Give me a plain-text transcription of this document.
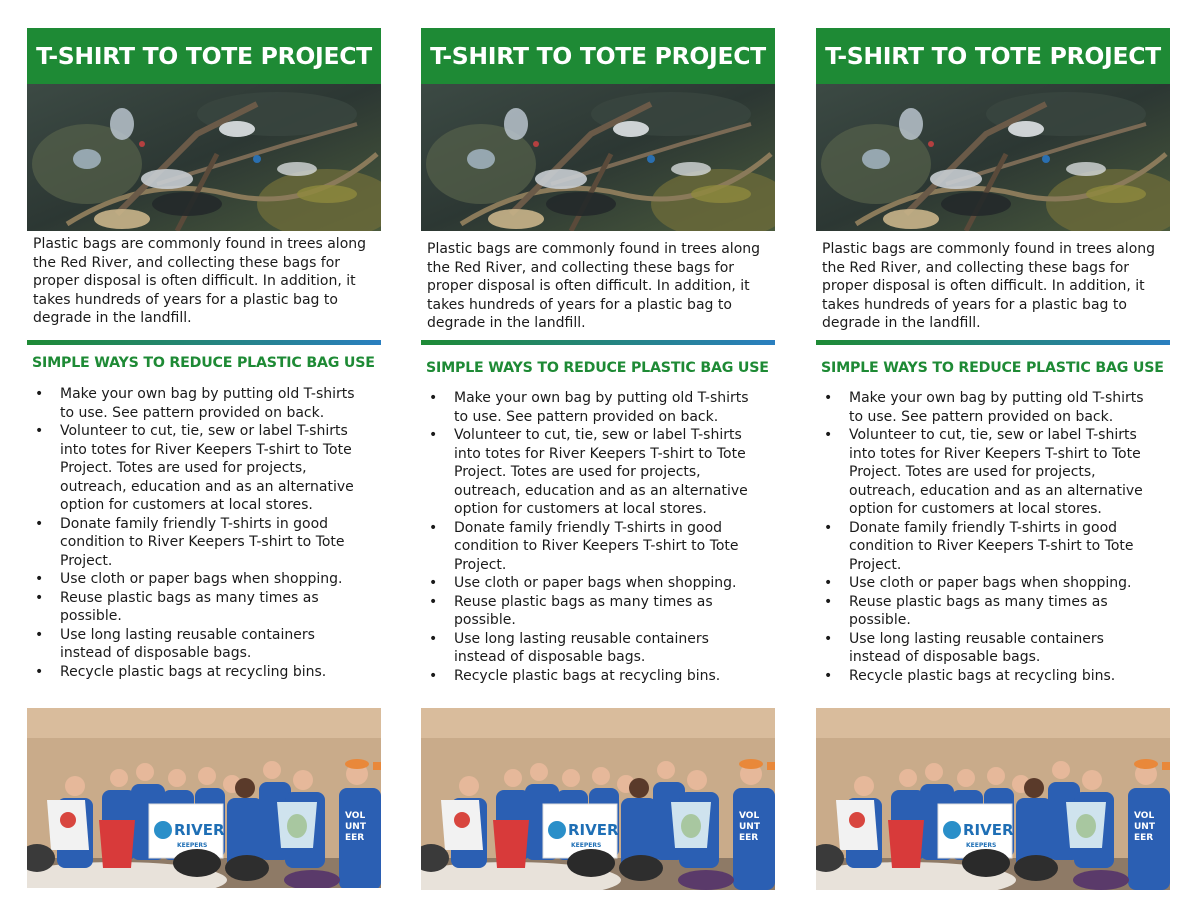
T-SHIRT TO TOTE PROJECT
Plastic bags are commonly found in trees along
the Red River, and collecting these bags for
proper disposal is often difficult. In addition, it
takes hundreds of years for a plastic bag to
degrade in the landfill.
SIMPLE WAYS TO REDUCE PLASTIC BAG USE
• Make your own bag by putting old T-shirts
to use. See pattern provided on back.
• Volunteer to cut, tie, sew or label T-shirts
into totes for River Keepers T-shirt to Tote
Project. Totes are used for projects,
outreach, education and as an alternative
option for customers at local stores.
• Donate family friendly T-shirts in good
condition to River Keepers T-shirt to Tote
Project.
• Use cloth or paper bags when shopping.
• Reuse plastic bags as many times as
possible.
• Use long lasting reusable containers
instead of disposable bags.
• Recycle plastic bags at recycling bins.
RIVER
KEEPERS
VOL
UNT
EER
T-SHIRT TO TOTE PROJECT
Plastic bags are commonly found in trees along
the Red River, and collecting these bags for
proper disposal is often difficult. In addition, it
takes hundreds of years for a plastic bag to
degrade in the landfill.
SIMPLE WAYS TO REDUCE PLASTIC BAG USE
• Make your own bag by putting old T-shirts
to use. See pattern provided on back.
• Volunteer to cut, tie, sew or label T-shirts
into totes for River Keepers T-shirt to Tote
Project. Totes are used for projects,
outreach, education and as an alternative
option for customers at local stores.
• Donate family friendly T-shirts in good
condition to River Keepers T-shirt to Tote
Project.
• Use cloth or paper bags when shopping.
• Reuse plastic bags as many times as
possible.
• Use long lasting reusable containers
instead of disposable bags.
• Recycle plastic bags at recycling bins.
RIVER
KEEPERS
VOL
UNT
EER
T-SHIRT TO TOTE PROJECT
Plastic bags are commonly found in trees along
the Red River, and collecting these bags for
proper disposal is often difficult. In addition, it
takes hundreds of years for a plastic bag to
degrade in the landfill.
SIMPLE WAYS TO REDUCE PLASTIC BAG USE
• Make your own bag by putting old T-shirts
to use. See pattern provided on back.
• Volunteer to cut, tie, sew or label T-shirts
into totes for River Keepers T-shirt to Tote
Project. Totes are used for projects,
outreach, education and as an alternative
option for customers at local stores.
• Donate family friendly T-shirts in good
condition to River Keepers T-shirt to Tote
Project.
• Use cloth or paper bags when shopping.
• Reuse plastic bags as many times as
possible.
• Use long lasting reusable containers
instead of disposable bags.
• Recycle plastic bags at recycling bins.
RIVER
KEEPERS
VOL
UNT
EER
